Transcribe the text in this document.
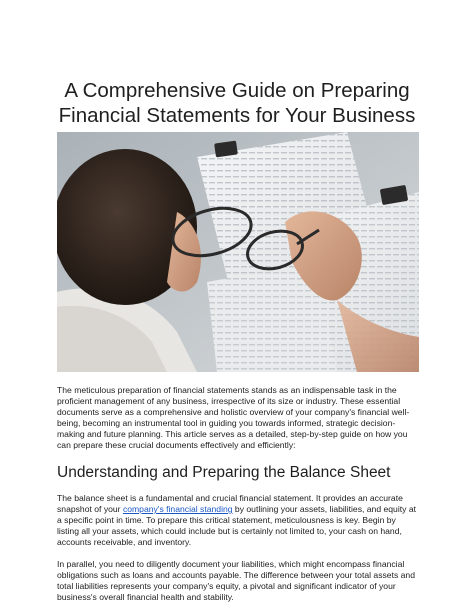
A Comprehensive Guide on Preparing
Financial Statements for Your Business

The meticulous preparation of financial statements stands as an indispensable task in the proficient management of any business, irrespective of its size or industry. These essential documents serve as a comprehensive and holistic overview of your company's financial well-being, becoming an instrumental tool in guiding you towards informed, strategic decision-making and future planning. This article serves as a detailed, step-by-step guide on how you can prepare these crucial documents effectively and efficiently:

Understanding and Preparing the Balance Sheet

The balance sheet is a fundamental and crucial financial statement. It provides an accurate snapshot of your company's financial standing by outlining your assets, liabilities, and equity at a specific point in time. To prepare this critical statement, meticulousness is key. Begin by listing all your assets, which could include but is certainly not limited to, your cash on hand, accounts receivable, and inventory.

In parallel, you need to diligently document your liabilities, which might encompass financial obligations such as loans and accounts payable. The difference between your total assets and total liabilities represents your company's equity, a pivotal and significant indicator of your business's overall financial health and stability.
